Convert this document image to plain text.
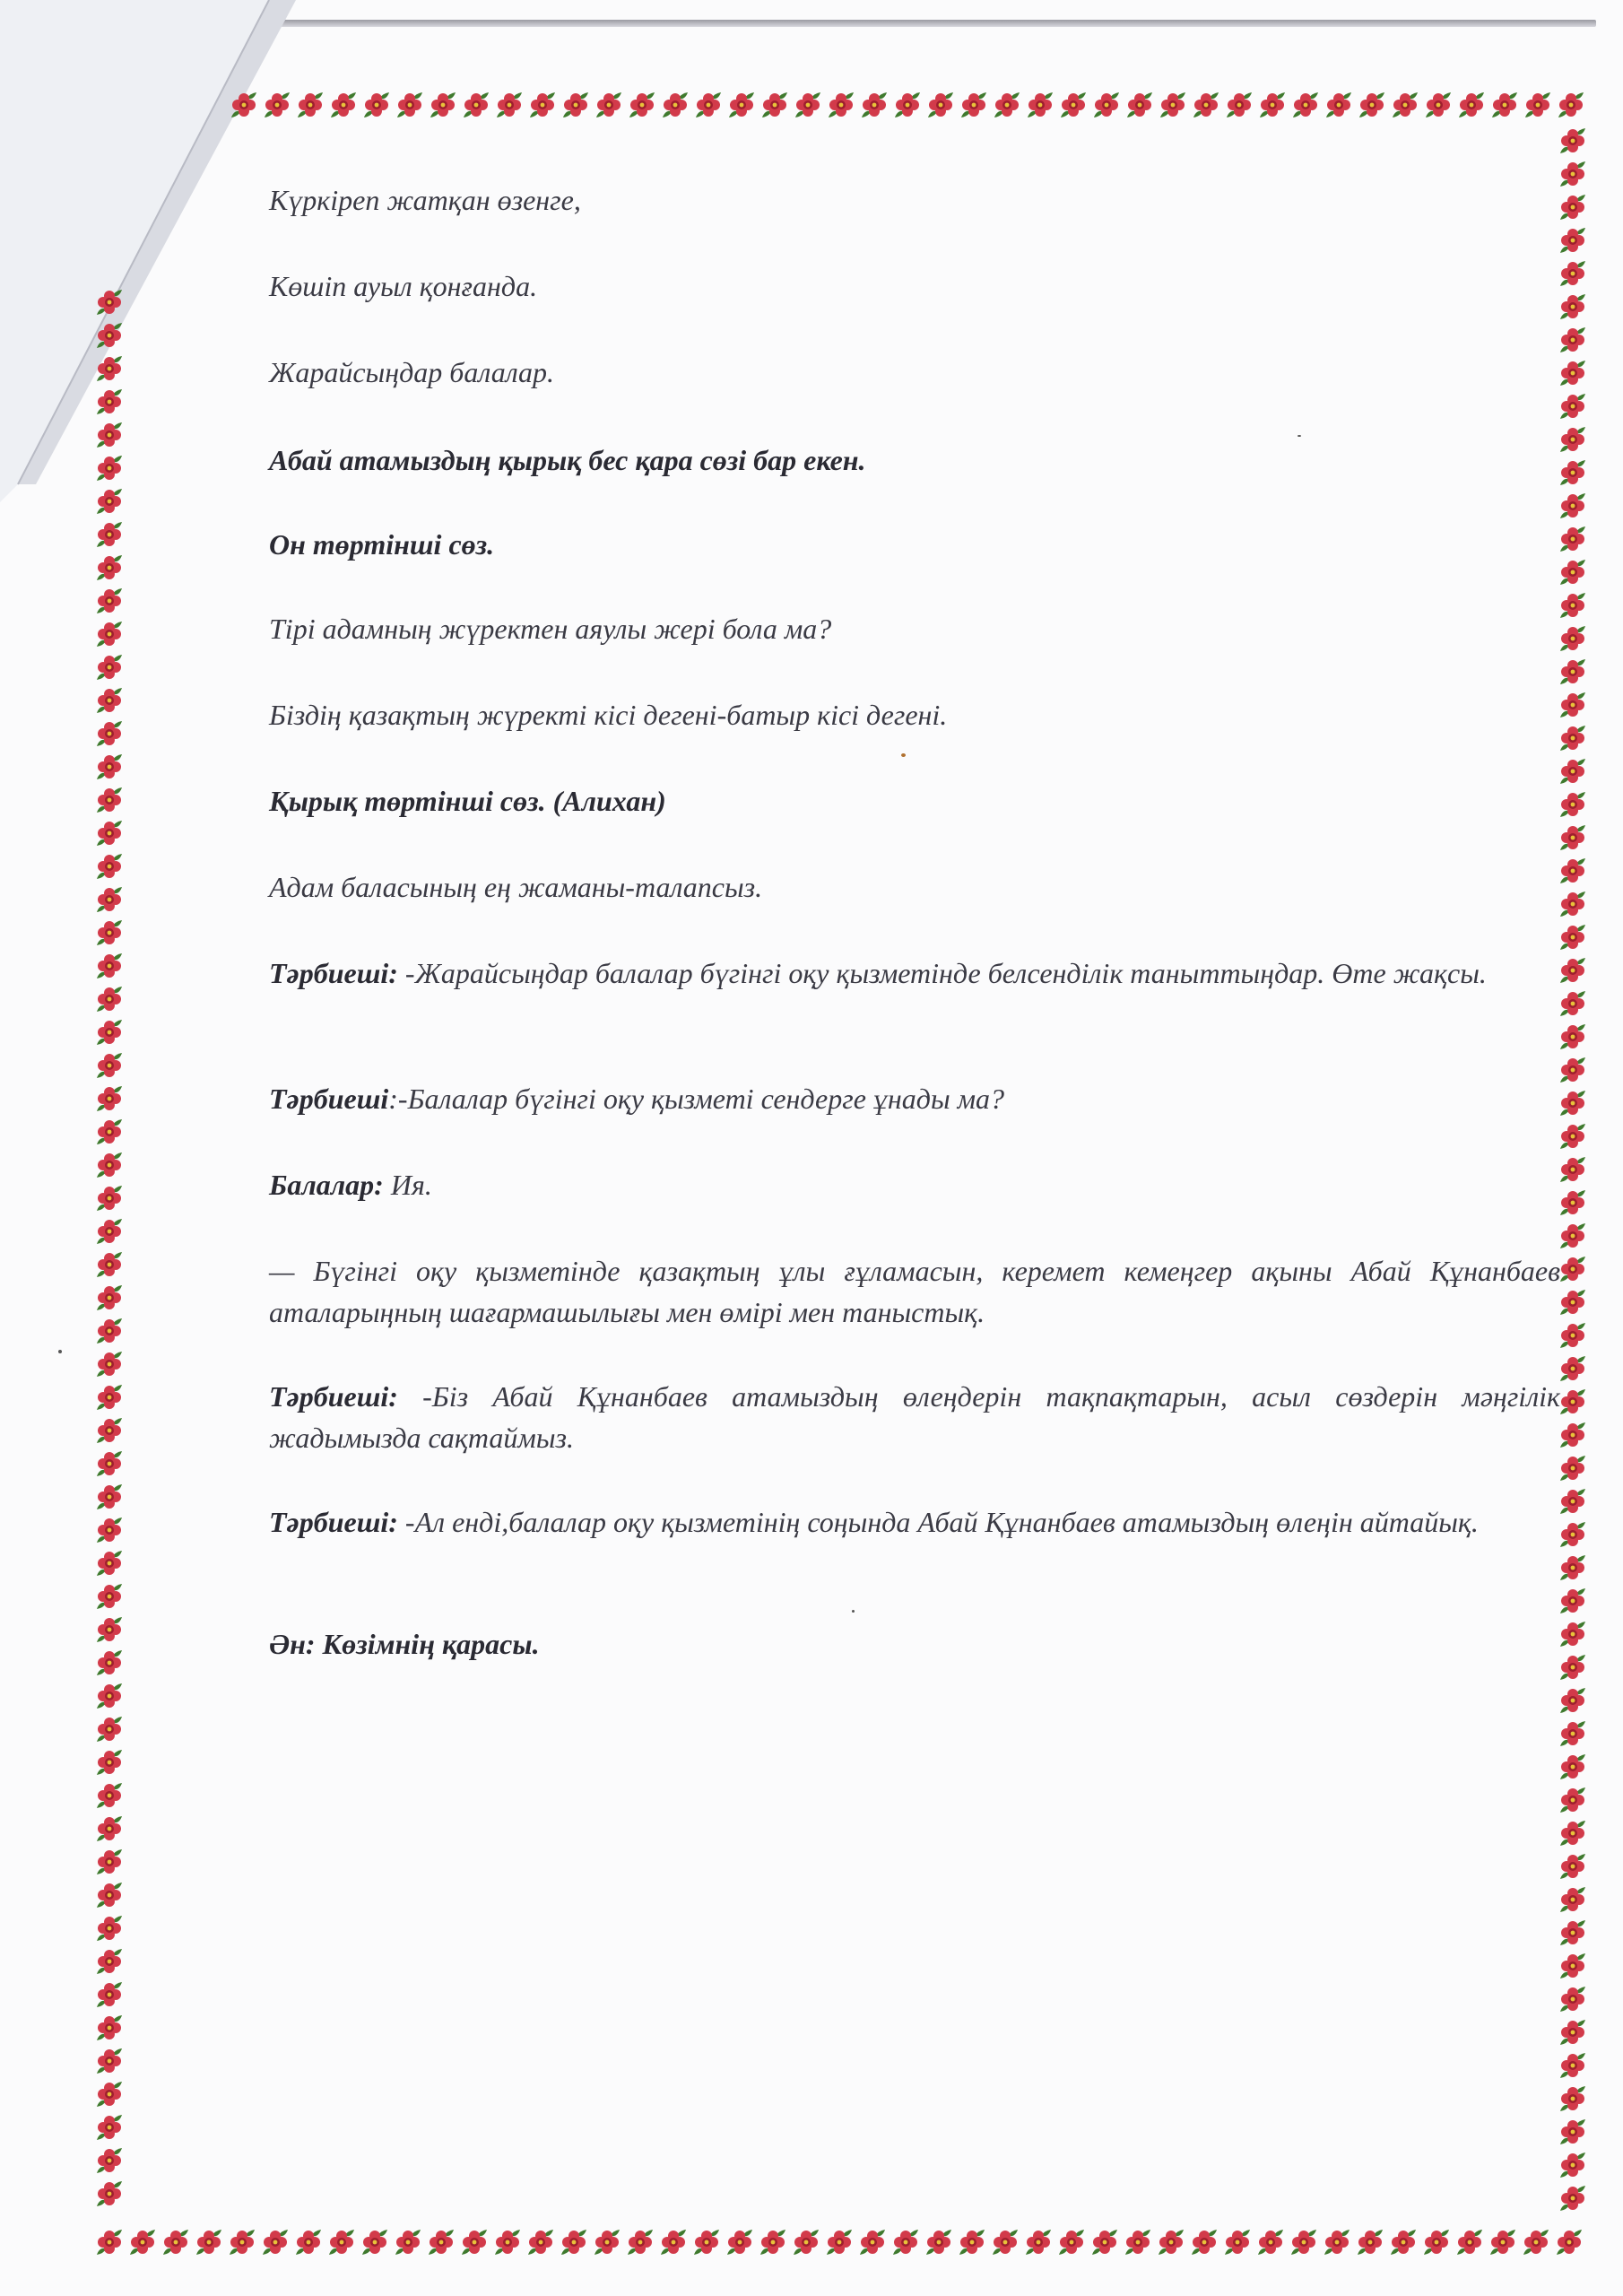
Күркіреп жатқан өзенге,

Көшіп ауыл қонғанда.

Жарайсыңдар балалар.

Абай атамыздың қырық бес қара сөзі бар екен.

Он төртінші сөз.

Тірі адамның жүректен аяулы жері бола ма?

Біздің қазақтың жүректі кісі дегені-батыр кісі дегені.

Қырық төртінші сөз. (Алихан)

Адам баласының ең жаманы-талапсыз.

Тәрбиеші: -Жарайсыңдар балалар бүгінгі оқу қызметінде белсенділік таныттыңдар. Өте жақсы.

Тәрбиеші:-Балалар бүгінгі оқу қызметі сендерге ұнады ма?

Балалар: Ия.

— Бүгінгі оқу қызметінде қазақтың ұлы ғұламасын, керемет кемеңгер ақыны Абай Құнанбаев аталарыңның шағармашылығы мен өмірі мен таныстық.

Тәрбиеші: -Біз Абай Құнанбаев атамыздың өлеңдерін тақпақтарын, асыл сөздерін мәңгілік жадымызда сақтаймыз.

Тәрбиеші: -Ал енді,балалар оқу қызметінің соңында Абай Құнанбаев атамыздың өлеңін айтайық.

Ән: Көзімнің қарасы.
